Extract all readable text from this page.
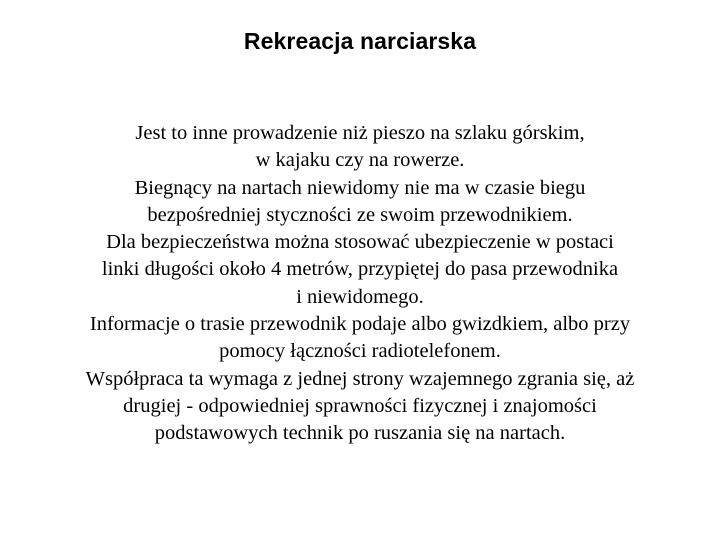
Rekreacja narciarska
Jest to inne prowadzenie niż pieszo na szlaku górskim,
w kajaku czy na rowerze.
Biegnący na nartach niewidomy nie ma w czasie biegu
bezpośredniej styczności ze swoim przewodnikiem.
Dla bezpieczeństwa można stosować ubezpieczenie w postaci
linki długości około 4 metrów, przypiętej do pasa przewodnika
i niewidomego.
Informacje o trasie przewodnik podaje albo gwizdkiem, albo przy
pomocy łączności radiotelefonem.
Współpraca ta wymaga z jednej strony wzajemnego zgrania się, aż
drugiej - odpowiedniej sprawności fizycznej i znajomości
podstawowych technik po ruszania się na nartach.
